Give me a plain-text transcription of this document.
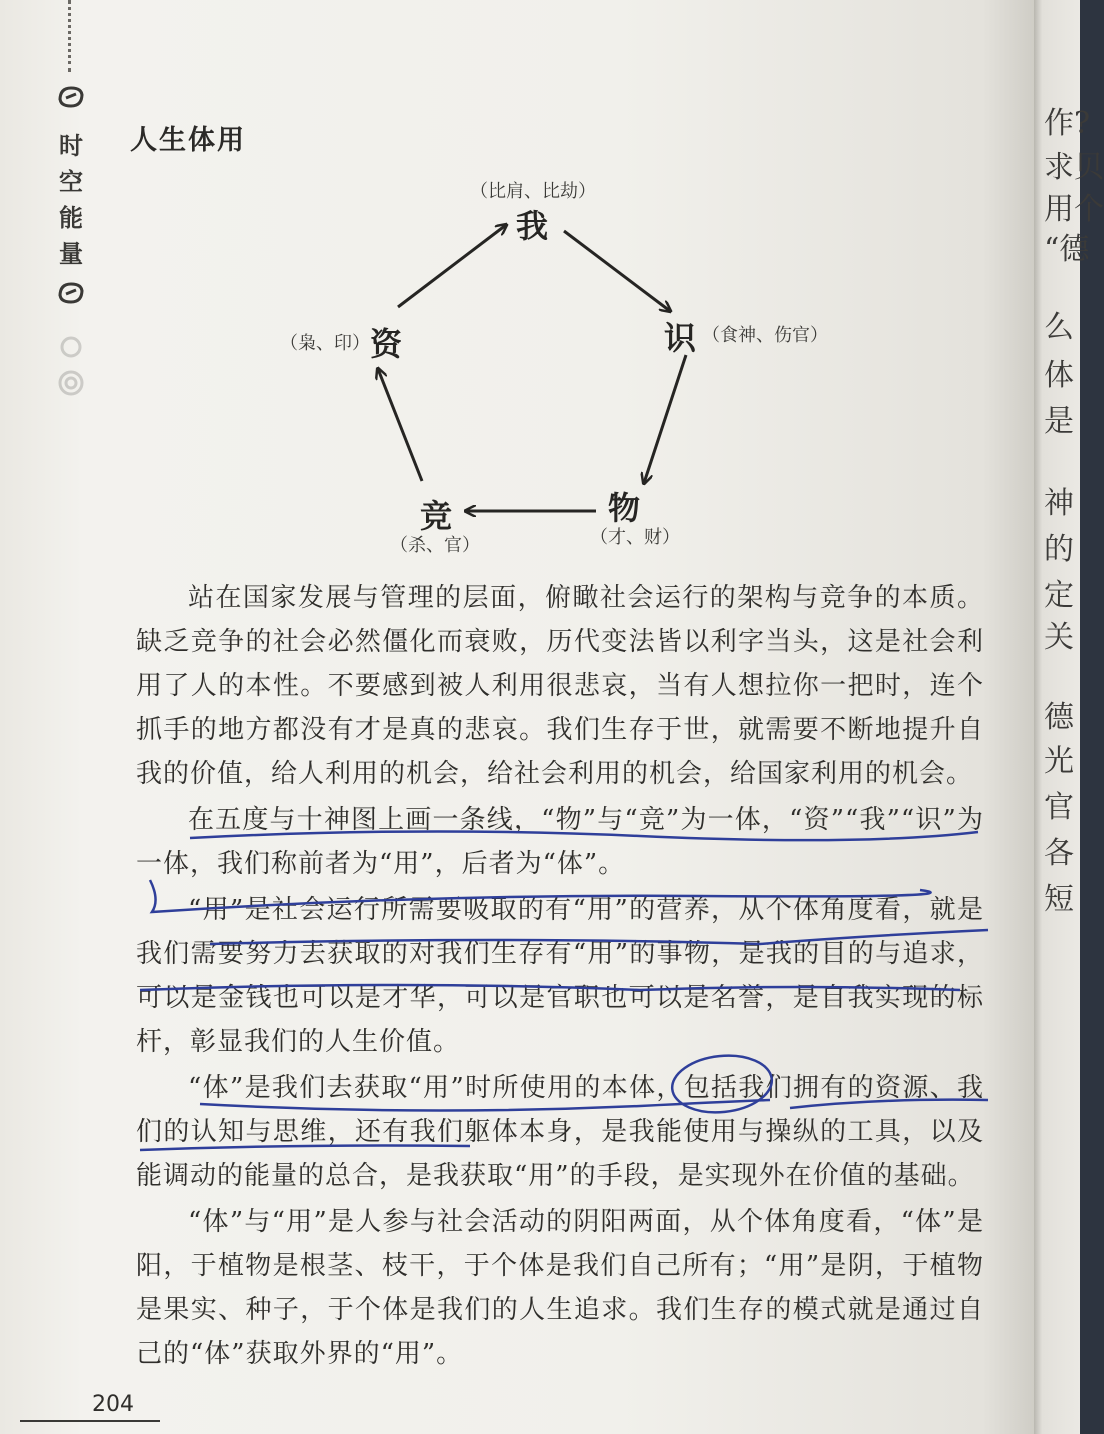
时
空
能
量
人生体用
（比肩、比劫）
我
识 （食神、伤官）
物
（才、财）
竞
（杀、官）
（枭、印） 资

站在国家发展与管理的层面，俯瞰社会运行的架构与竞争的本质。缺乏竞争的社会必然僵化而衰败，历代变法皆以利字当头，这是社会利用了人的本性。不要感到被人利用很悲哀，当有人想拉你一把时，连个抓手的地方都没有才是真的悲哀。我们生存于世，就需要不断地提升自我的价值，给人利用的机会，给社会利用的机会，给国家利用的机会。

在五度与十神图上画一条线，“物”与“竞”为一体，“资”“我”“识”为一体，我们称前者为“用”，后者为“体”。

“用”是社会运行所需要吸取的有“用”的营养，从个体角度看，就是我们需要努力去获取的对我们生存有“用”的事物，是我的目的与追求，可以是金钱也可以是才华，可以是官职也可以是名誉，是自我实现的标杆，彰显我们的人生价值。

“体”是我们去获取“用”时所使用的本体，包括我们拥有的资源、我们的认知与思维，还有我们躯体本身，是我能使用与操纵的工具，以及能调动的能量的总合，是我获取“用”的手段，是实现外在价值的基础。

“体”与“用”是人参与社会活动的阴阳两面，从个体角度看，“体”是阳，于植物是根茎、枝干，于个体是我们自己所有；“用”是阴，于植物是果实、种子，于个体是我们的人生追求。我们生存的模式就是通过自己的“体”获取外界的“用”。

204
作?
求贝
用个
“德
么
体
是
神
的
定
关
德
光
官
各
短
